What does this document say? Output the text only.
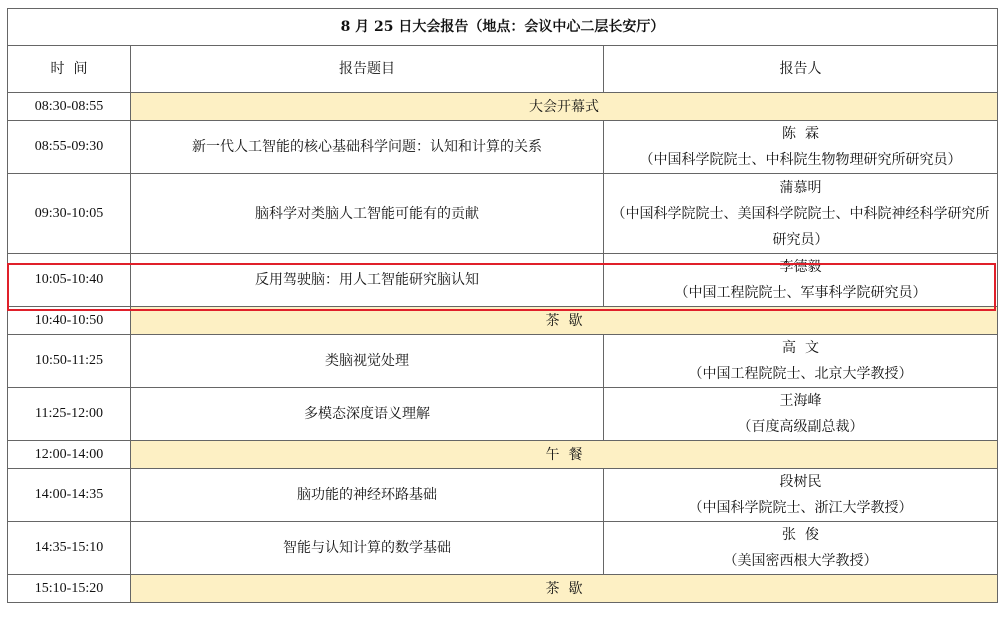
8 月 25 日大会报告（地点：会议中心二层长安厅）		
时  间	报告题目	报告人
08:30-08:55	大会开幕式	
08:55-09:30	新一代人工智能的核心基础科学问题：认知和计算的关系	陈  霖
（中国科学院院士、中科院生物物理研究所研究员）

09:30-10:05	脑科学对类脑人工智能可能有的贡献	蒲慕明
（中国科学院院士、美国科学院院士、中科院神经科学研究所研究员）

10:05-10:40	反用驾驶脑：用人工智能研究脑认知	李德毅
（中国工程院院士、军事科学院研究员）

10:40-10:50	茶  歇	
10:50-11:25	类脑视觉处理	高  文
（中国工程院院士、北京大学教授）

11:25-12:00	多模态深度语义理解	王海峰
（百度高级副总裁）

12:00-14:00	午  餐	
14:00-14:35	脑功能的神经环路基础	段树民
（中国科学院院士、浙江大学教授）

14:35-15:10	智能与认知计算的数学基础	张  俊
（美国密西根大学教授）

15:10-15:20	茶  歇	
